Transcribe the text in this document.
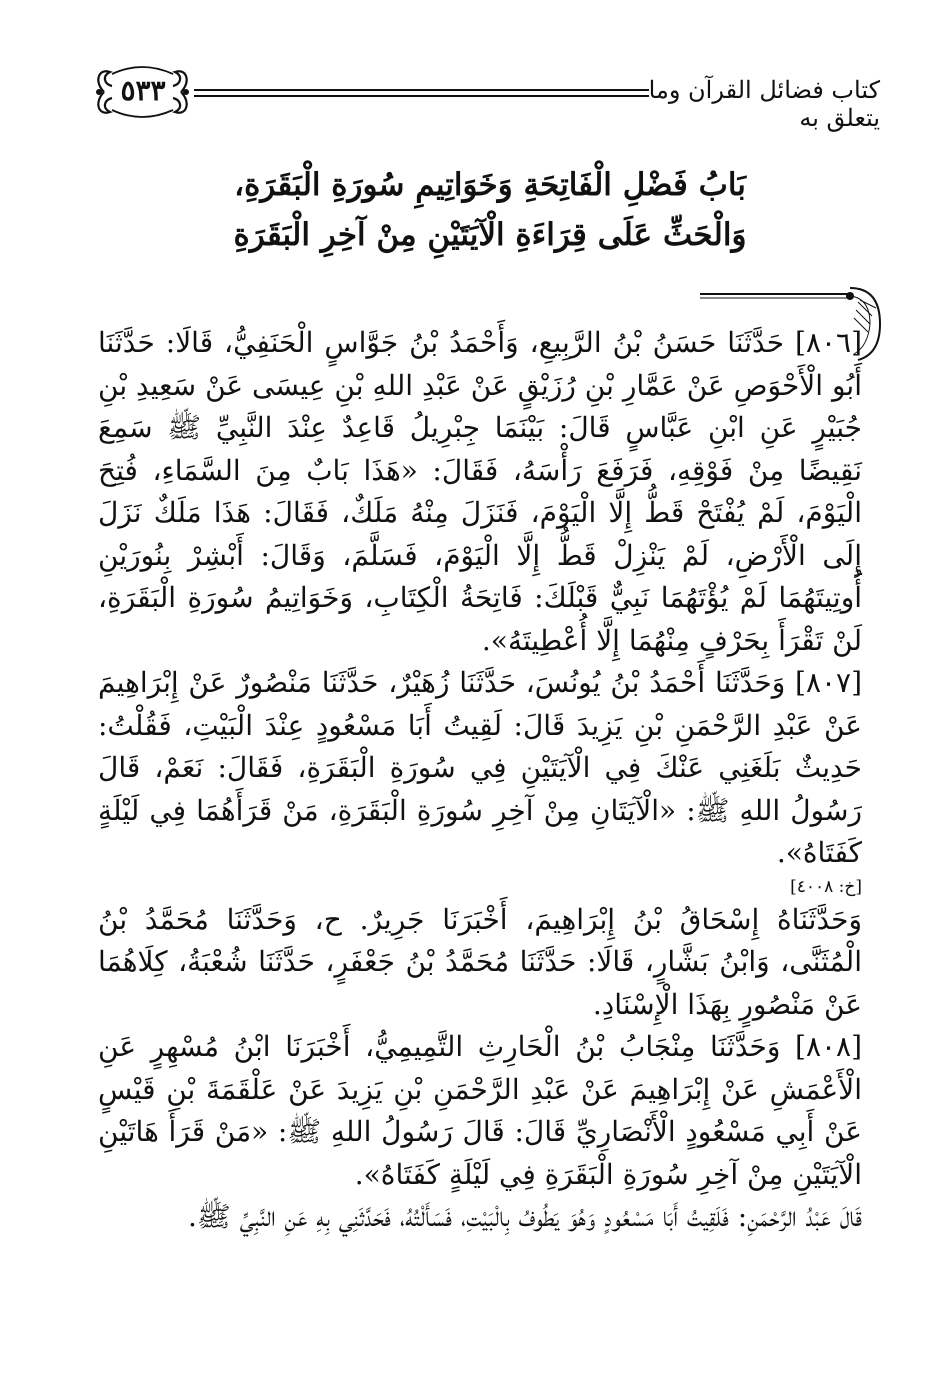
٥٣٣	كتاب فضائل القرآن وما يتعلق به
بَابُ فَضْلِ الْفَاتِحَةِ وَخَوَاتِيمِ سُورَةِ الْبَقَرَةِ،
وَالْحَثِّ عَلَى قِرَاءَةِ الْآيَتَيْنِ مِنْ آخِرِ الْبَقَرَةِ

[٨٠٦] حَدَّثَنَا حَسَنُ بْنُ الرَّبِيعِ، وَأَحْمَدُ بْنُ جَوَّاسٍ الْحَنَفِيُّ، قَالَا: حَدَّثَنَا أَبُو الْأَحْوَصِ عَنْ عَمَّارِ بْنِ رُزَيْقٍ عَنْ عَبْدِ اللهِ بْنِ عِيسَى عَنْ سَعِيدِ بْنِ جُبَيْرٍ عَنِ ابْنِ عَبَّاسٍ قَالَ: بَيْنَمَا جِبْرِيلُ قَاعِدٌ عِنْدَ النَّبِيِّ ﷺ سَمِعَ نَقِيضًا مِنْ فَوْقِهِ، فَرَفَعَ رَأْسَهُ، فَقَالَ: «هَذَا بَابٌ مِنَ السَّمَاءِ، فُتِحَ الْيَوْمَ، لَمْ يُفْتَحْ قَطُّ إِلَّا الْيَوْمَ، فَنَزَلَ مِنْهُ مَلَكٌ، فَقَالَ: هَذَا مَلَكٌ نَزَلَ إِلَى الْأَرْضِ، لَمْ يَنْزِلْ قَطُّ إِلَّا الْيَوْمَ، فَسَلَّمَ، وَقَالَ: أَبْشِرْ بِنُورَيْنِ أُوتِيتَهُمَا لَمْ يُؤْتَهُمَا نَبِيٌّ قَبْلَكَ: فَاتِحَةُ الْكِتَابِ، وَخَوَاتِيمُ سُورَةِ الْبَقَرَةِ، لَنْ تَقْرَأَ بِحَرْفٍ مِنْهُمَا إِلَّا أُعْطِيتَهُ».

[٨٠٧] وَحَدَّثَنَا أَحْمَدُ بْنُ يُونُسَ، حَدَّثَنَا زُهَيْرٌ، حَدَّثَنَا مَنْصُورٌ عَنْ إِبْرَاهِيمَ عَنْ عَبْدِ الرَّحْمَنِ بْنِ يَزِيدَ قَالَ: لَقِيتُ أَبَا مَسْعُودٍ عِنْدَ الْبَيْتِ، فَقُلْتُ: حَدِيثٌ بَلَغَنِي عَنْكَ فِي الْآيَتَيْنِ فِي سُورَةِ الْبَقَرَةِ، فَقَالَ: نَعَمْ، قَالَ رَسُولُ اللهِ ﷺ: «الْآيَتَانِ مِنْ آخِرِ سُورَةِ الْبَقَرَةِ، مَنْ قَرَأَهُمَا فِي لَيْلَةٍ كَفَتَاهُ».

[خ: ٤٠٠٨]

وَحَدَّثَنَاهُ إِسْحَاقُ بْنُ إِبْرَاهِيمَ، أَخْبَرَنَا جَرِيرٌ. ح، وَحَدَّثَنَا مُحَمَّدُ بْنُ الْمُثَنَّى، وَابْنُ بَشَّارٍ، قَالَا: حَدَّثَنَا مُحَمَّدُ بْنُ جَعْفَرٍ، حَدَّثَنَا شُعْبَةُ، كِلَاهُمَا عَنْ مَنْصُورٍ بِهَذَا الْإِسْنَادِ.

[٨٠٨] وَحَدَّثَنَا مِنْجَابُ بْنُ الْحَارِثِ التَّمِيمِيُّ، أَخْبَرَنَا ابْنُ مُسْهِرٍ عَنِ الْأَعْمَشِ عَنْ إِبْرَاهِيمَ عَنْ عَبْدِ الرَّحْمَنِ بْنِ يَزِيدَ عَنْ عَلْقَمَةَ بْنِ قَيْسٍ عَنْ أَبِي مَسْعُودٍ الْأَنْصَارِيِّ قَالَ: قَالَ رَسُولُ اللهِ ﷺ: «مَنْ قَرَأَ هَاتَيْنِ الْآيَتَيْنِ مِنْ آخِرِ سُورَةِ الْبَقَرَةِ فِي لَيْلَةٍ كَفَتَاهُ».

قَالَ عَبْدُ الرَّحْمَنِ: فَلَقِيتُ أَبَا مَسْعُودٍ وَهُوَ يَطُوفُ بِالْبَيْتِ، فَسَأَلْتُهُ، فَحَدَّثَنِي بِهِ عَنِ النَّبِيِّ ﷺ.
